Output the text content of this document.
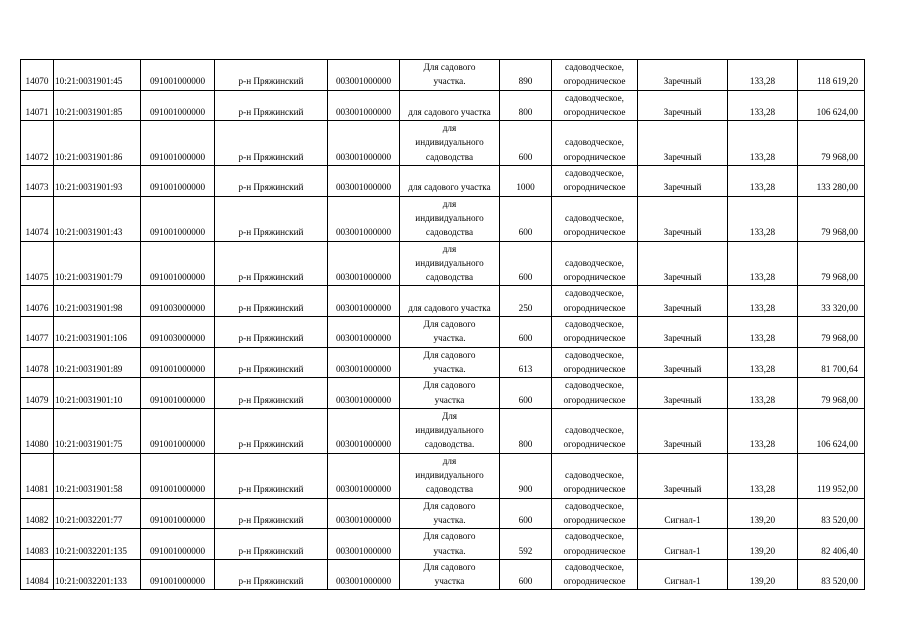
14070	10:21:0031901:45	091001000000	р-н Пряжинский	003001000000	Для садового
участка.	890	садоводческое,
огородническое	Заречный	133,28	118 619,20
14071	10:21:0031901:85	091001000000	р-н Пряжинский	003001000000	для садового участка	800	садоводческое,
огородническое	Заречный	133,28	106 624,00
14072	10:21:0031901:86	091001000000	р-н Пряжинский	003001000000	для
индивидуального
садоводства	600	садоводческое,
огородническое	Заречный	133,28	79 968,00
14073	10:21:0031901:93	091001000000	р-н Пряжинский	003001000000	для садового участка	1000	садоводческое,
огородническое	Заречный	133,28	133 280,00
14074	10:21:0031901:43	091001000000	р-н Пряжинский	003001000000	для
индивидуального
садоводства	600	садоводческое,
огородническое	Заречный	133,28	79 968,00
14075	10:21:0031901:79	091001000000	р-н Пряжинский	003001000000	для
индивидуального
садоводства	600	садоводческое,
огородническое	Заречный	133,28	79 968,00
14076	10:21:0031901:98	091003000000	р-н Пряжинский	003001000000	для садового участка	250	садоводческое,
огородническое	Заречный	133,28	33 320,00
14077	10:21:0031901:106	091003000000	р-н Пряжинский	003001000000	Для садового
участка.	600	садоводческое,
огородническое	Заречный	133,28	79 968,00
14078	10:21:0031901:89	091001000000	р-н Пряжинский	003001000000	Для садового
участка.	613	садоводческое,
огородническое	Заречный	133,28	81 700,64
14079	10:21:0031901:10	091001000000	р-н Пряжинский	003001000000	Для садового
участка	600	садоводческое,
огородническое	Заречный	133,28	79 968,00
14080	10:21:0031901:75	091001000000	р-н Пряжинский	003001000000	Для
индивидуального
садоводства.	800	садоводческое,
огородническое	Заречный	133,28	106 624,00
14081	10:21:0031901:58	091001000000	р-н Пряжинский	003001000000	для
индивидуального
садоводства	900	садоводческое,
огородническое	Заречный	133,28	119 952,00
14082	10:21:0032201:77	091001000000	р-н Пряжинский	003001000000	Для садового
участка.	600	садоводческое,
огородническое	Сигнал-1	139,20	83 520,00
14083	10:21:0032201:135	091001000000	р-н Пряжинский	003001000000	Для садового
участка.	592	садоводческое,
огородническое	Сигнал-1	139,20	82 406,40
14084	10:21:0032201:133	091001000000	р-н Пряжинский	003001000000	Для садового
участка	600	садоводческое,
огородническое	Сигнал-1	139,20	83 520,00
